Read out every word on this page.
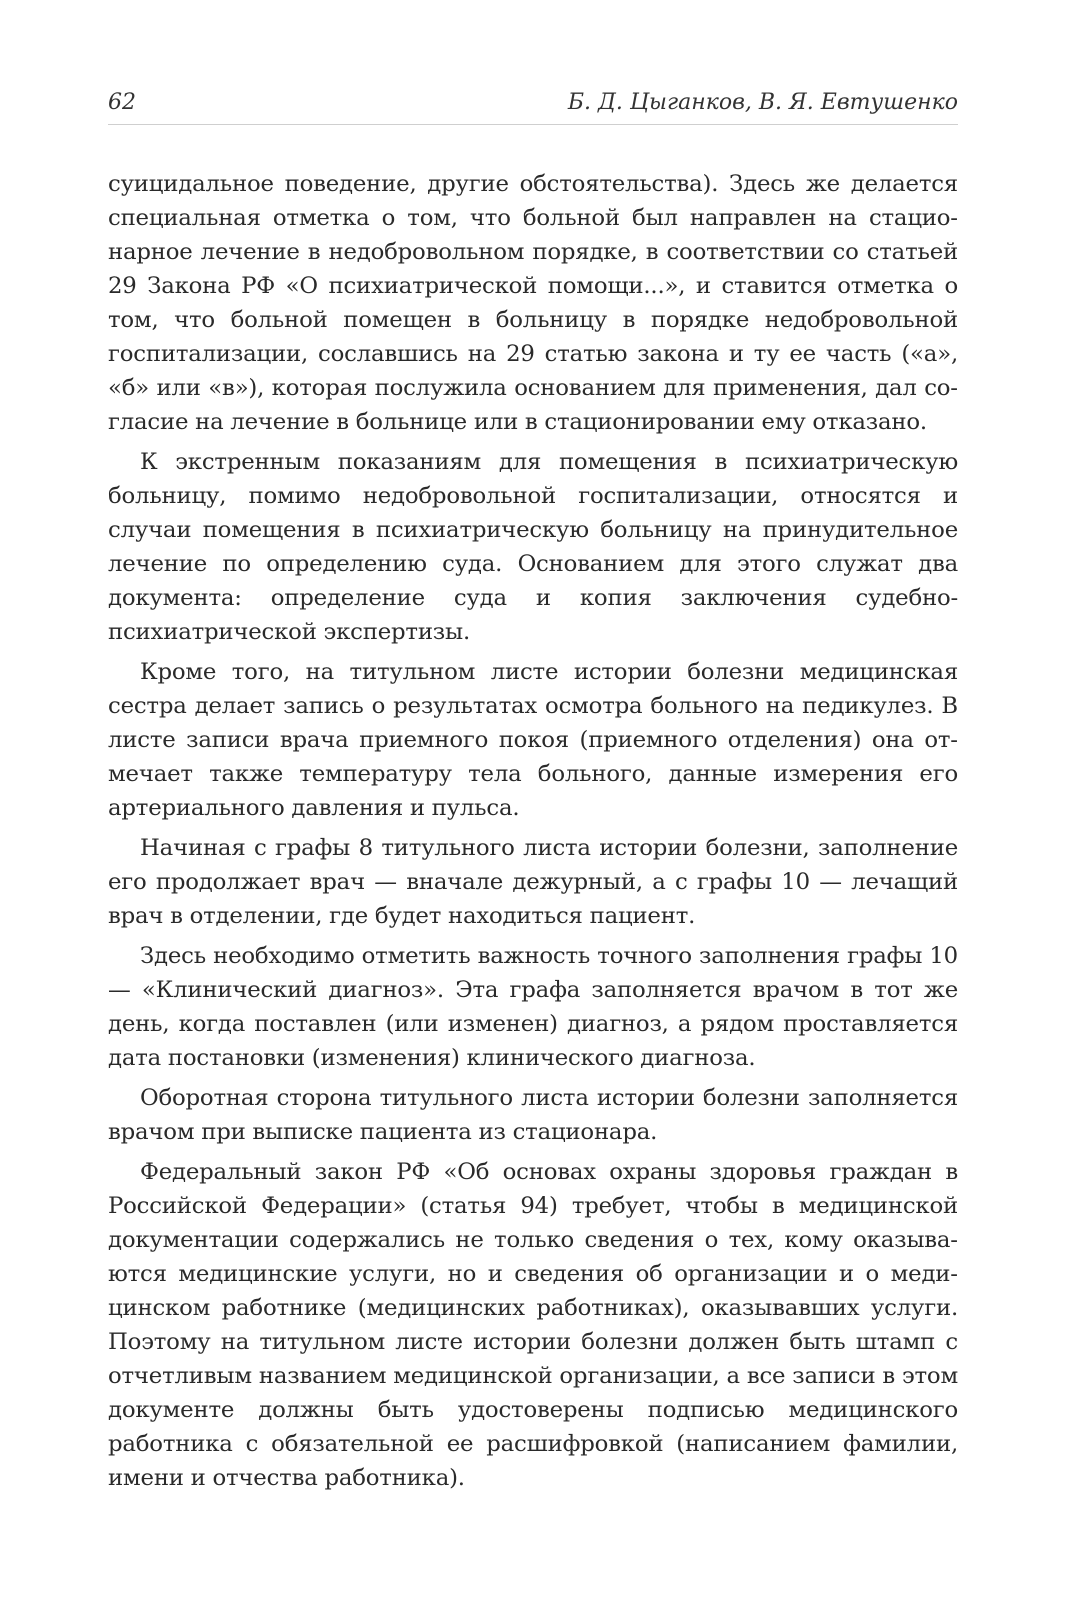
62	Б. Д. Цыганков, В. Я. Евтушенко

суицидальное поведение, другие обстоятельства). Здесь же делается специальная отметка о том, что больной был направлен на стационарное лечение в недобровольном порядке, в соответствии со статьей 29 Закона РФ «О психиатрической помощи...», и ставится отметка о том, что больной помещен в больницу в порядке недобровольной госпитализации, сославшись на 29 статью закона и ту ее часть («а», «б» или «в»), которая послужила основанием для применения, дал согласие на лечение в больнице или в стационировании ему отказано.

К экстренным показаниям для помещения в психиатрическую больницу, помимо недобровольной госпитализации, относятся и случаи помещения в психиатрическую больницу на принудительное лечение по определению суда. Основанием для этого служат два документа: определение суда и копия заключения судебно-психиатрической экспертизы.

Кроме того, на титульном листе истории болезни медицинская сестра делает запись о результатах осмотра больного на педикулез. В листе записи врача приемного покоя (приемного отделения) она отмечает также температуру тела больного, данные измерения его артериального давления и пульса.

Начиная с графы 8 титульного листа истории болезни, заполнение его продолжает врач — вначале дежурный, а с графы 10 — лечащий врач в отделении, где будет находиться пациент.

Здесь необходимо отметить важность точного заполнения графы 10 — «Клинический диагноз». Эта графа заполняется врачом в тот же день, когда поставлен (или изменен) диагноз, а рядом проставляется дата постановки (изменения) клинического диагноза.

Оборотная сторона титульного листа истории болезни заполняется врачом при выписке пациента из стационара.

Федеральный закон РФ «Об основах охраны здоровья граждан в Российской Федерации» (статья 94) требует, чтобы в медицинской документации содержались не только сведения о тех, кому оказываются медицинские услуги, но и сведения об организации и о медицинском работнике (медицинских работниках), оказывавших услуги. Поэтому на титульном листе истории болезни должен быть штамп с отчетливым названием медицинской организации, а все записи в этом документе должны быть удостоверены подписью медицинского работника с обязательной ее расшифровкой (написанием фамилии, имени и отчества работника).
